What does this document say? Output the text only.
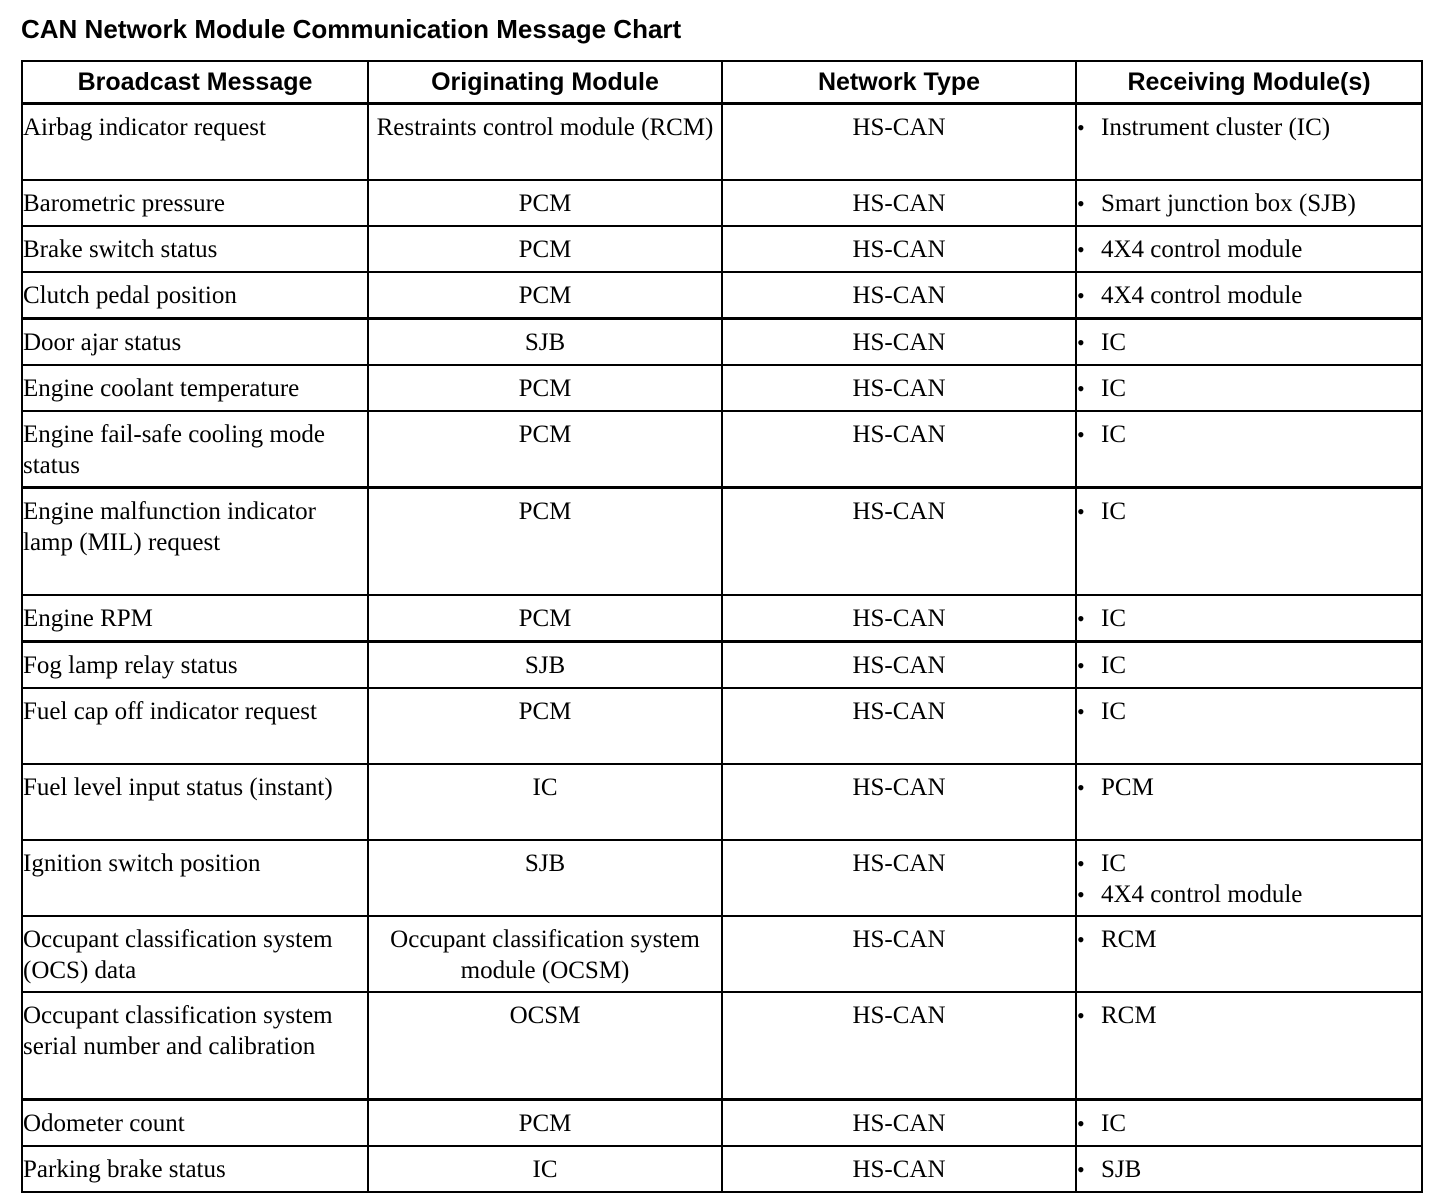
CAN Network Module Communication Message Chart
Broadcast Message	Originating Module	Network Type	Receiving Module(s)
Airbag indicator request	Restraints control module (RCM)	HS-CAN	• Instrument cluster (IC)

Barometric pressure	PCM	HS-CAN	• Smart junction box (SJB)

Brake switch status	PCM	HS-CAN	• 4X4 control module

Clutch pedal position	PCM	HS-CAN	• 4X4 control module

Door ajar status	SJB	HS-CAN	• IC

Engine coolant temperature	PCM	HS-CAN	• IC

Engine fail-safe cooling mode status	PCM	HS-CAN	• IC

Engine malfunction indicator lamp (MIL) request	PCM	HS-CAN	• IC

Engine RPM	PCM	HS-CAN	• IC

Fog lamp relay status	SJB	HS-CAN	• IC

Fuel cap off indicator request	PCM	HS-CAN	• IC

Fuel level input status (instant)	IC	HS-CAN	• PCM

Ignition switch position	SJB	HS-CAN	• IC
• 4X4 control module

Occupant classification system (OCS) data	Occupant classification system module (OCSM)	HS-CAN	• RCM

Occupant classification system serial number and calibration	OCSM	HS-CAN	• RCM

Odometer count	PCM	HS-CAN	• IC

Parking brake status	IC	HS-CAN	• SJB
